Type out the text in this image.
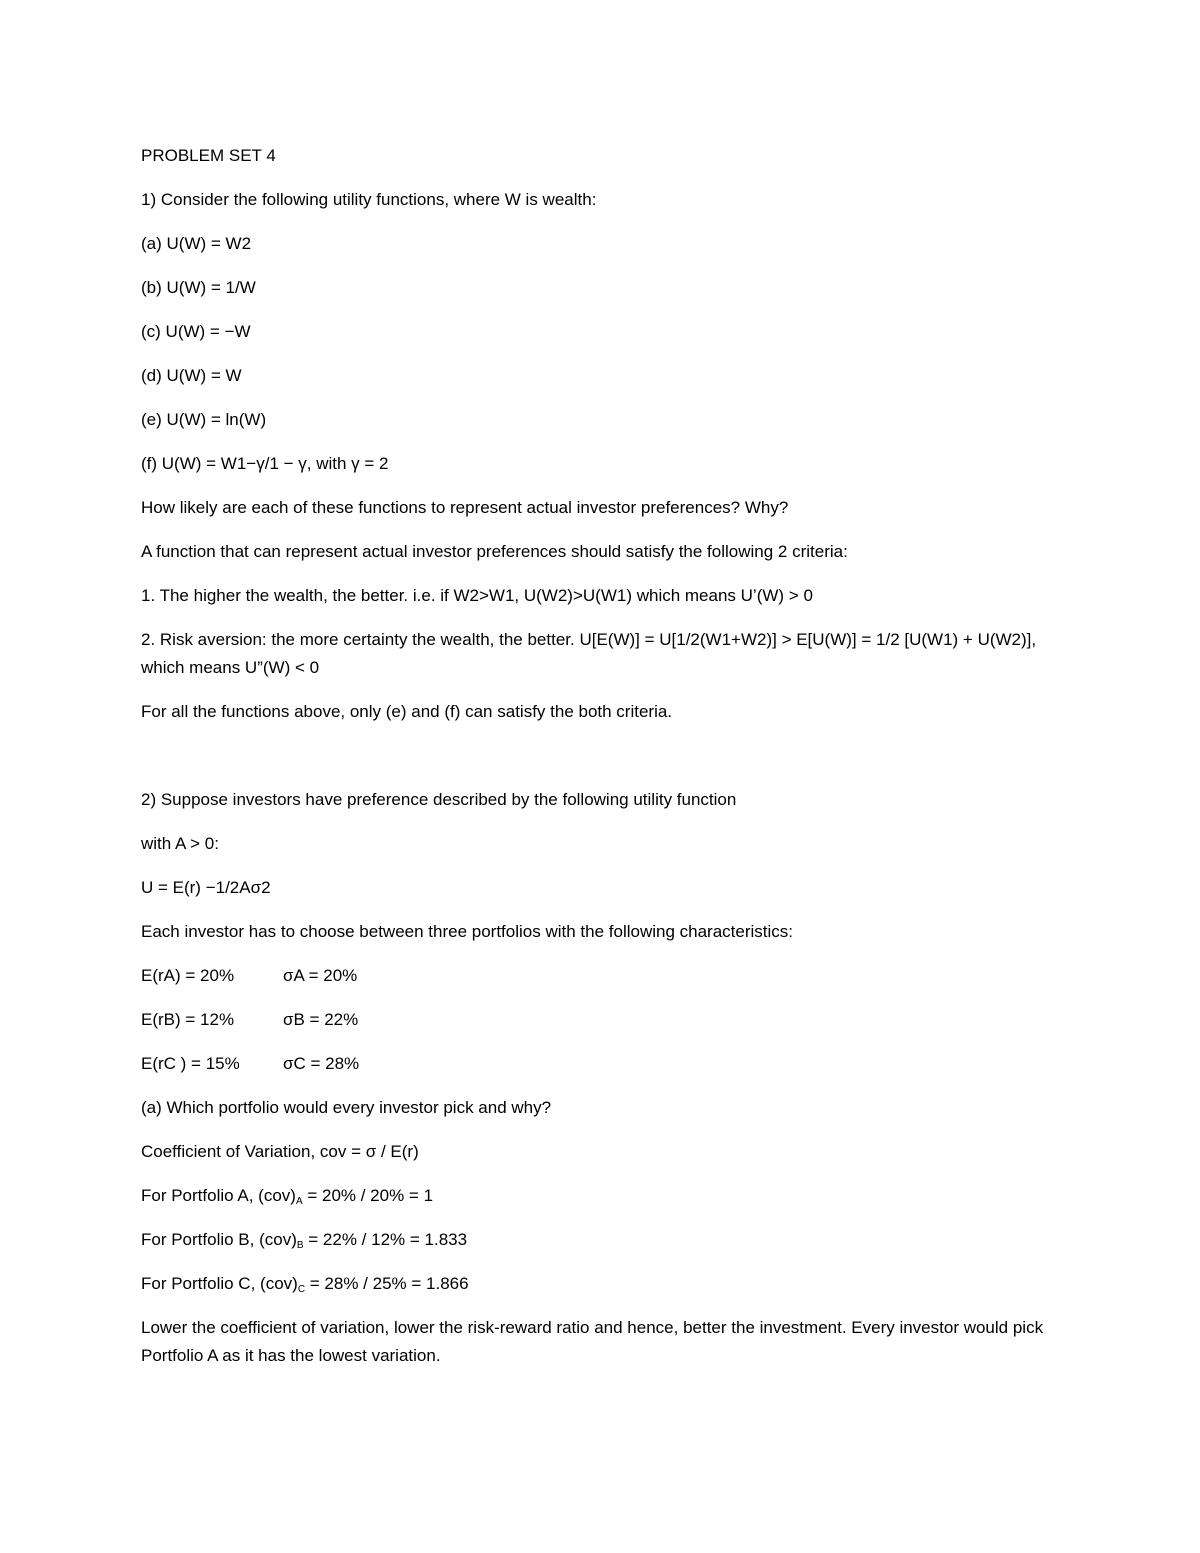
PROBLEM SET 4

1) Consider the following utility functions, where W is wealth:

(a) U(W) = W2

(b) U(W) = 1/W

(c) U(W) = −W

(d) U(W) = W

(e) U(W) = ln(W)

(f) U(W) = W1−γ/1 − γ, with γ = 2

How likely are each of these functions to represent actual investor preferences? Why?

A function that can represent actual investor preferences should satisfy the following 2 criteria:

1. The higher the wealth, the better. i.e. if W2>W1, U(W2)>U(W1) which means U’(W) > 0

2. Risk aversion: the more certainty the wealth, the better. U[E(W)] = U[1/2(W1+W2)] > E[U(W)] = 1/2 [U(W1) + U(W2)], which means U”(W) < 0

For all the functions above, only (e) and (f) can satisfy the both criteria.

2) Suppose investors have preference described by the following utility function

with A > 0:

U = E(r) −1/2Aσ2

Each investor has to choose between three portfolios with the following characteristics:

E(rA) = 20%	σA = 20%
E(rB) = 12%	σB = 22%
E(rC ) = 15%	σC = 28%

(a) Which portfolio would every investor pick and why?

Coefficient of Variation, cov = σ / E(r)

For Portfolio A, $(cov)_A = 20\% / 20\% = 1$

For Portfolio B, $(cov)_B = 22\% / 12\% = 1.833$

For Portfolio C, $(cov)_C = 28\% / 25\% = 1.866$

Lower the coefficient of variation, lower the risk-reward ratio and hence, better the investment. Every investor would pick Portfolio A as it has the lowest variation.
